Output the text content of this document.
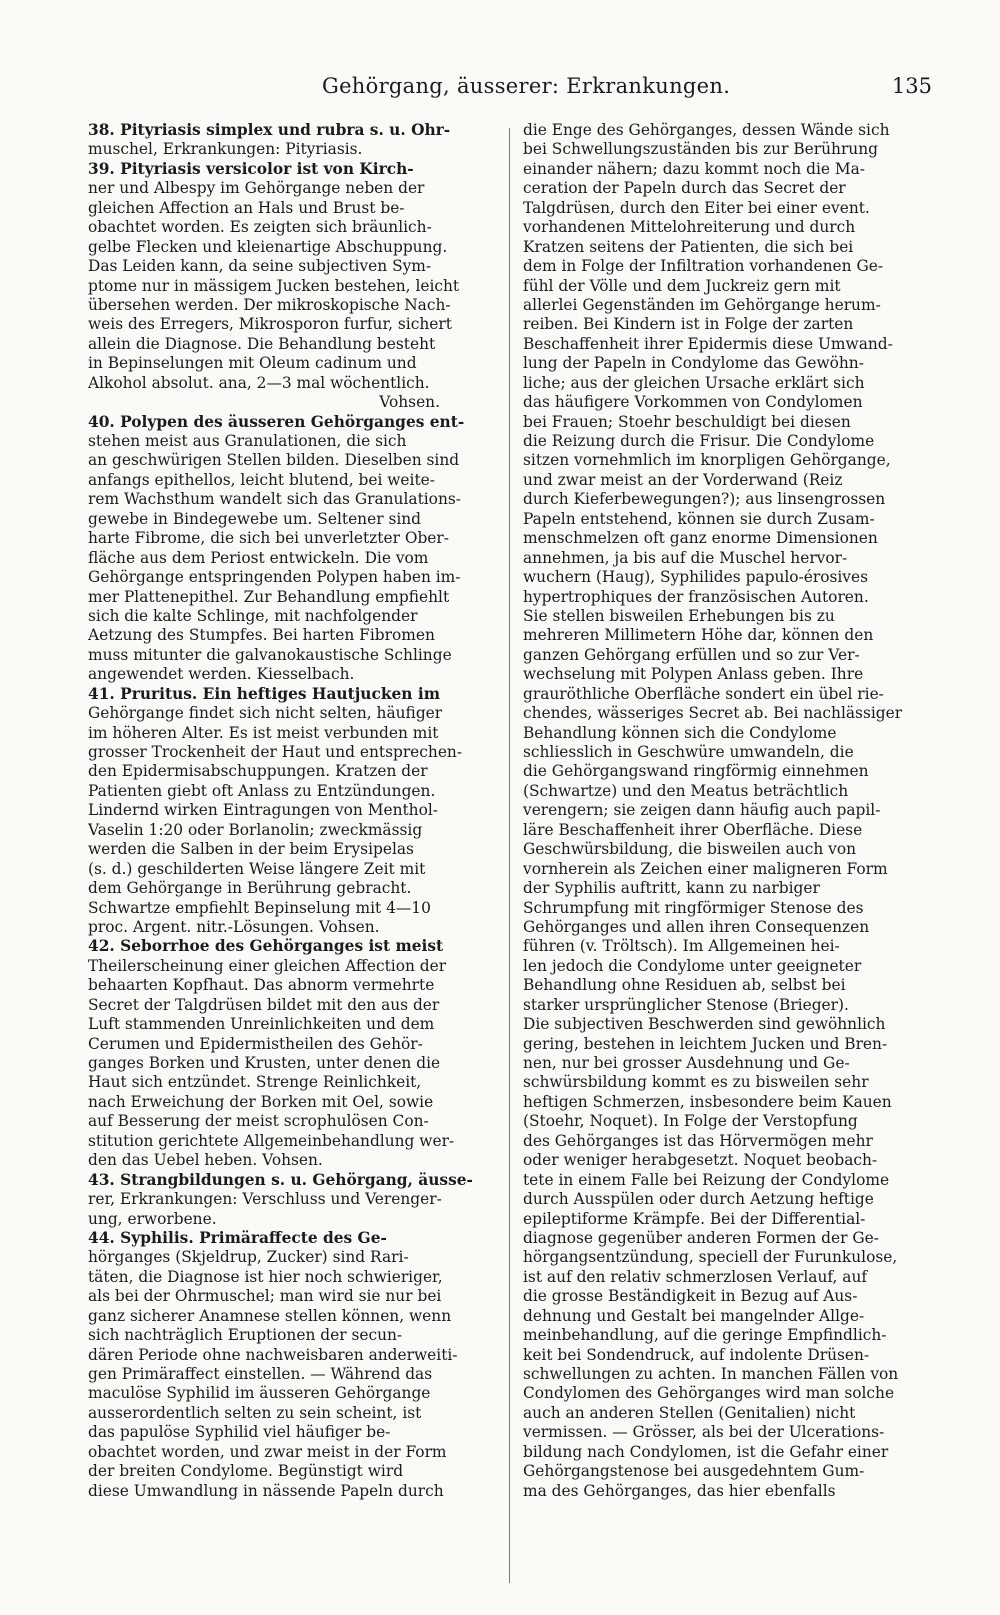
Gehörgang, äusserer: Erkrankungen.	135
38. Pityriasis simplex und rubra s. u. Ohr-
muschel, Erkrankungen: Pityriasis.
39. Pityriasis versicolor ist von Kirch-
ner und Albespy im Gehörgange neben der
gleichen Affection an Hals und Brust be-
obachtet worden. Es zeigten sich bräunlich-
gelbe Flecken und kleienartige Abschuppung.
Das Leiden kann, da seine subjectiven Sym-
ptome nur in mässigem Jucken bestehen, leicht
übersehen werden. Der mikroskopische Nach-
weis des Erregers, Mikrosporon furfur, sichert
allein die Diagnose. Die Behandlung besteht
in Bepinselungen mit Oleum cadinum und
Alkohol absolut. ana, 2—3 mal wöchentlich.
Vohsen.
40. Polypen des äusseren Gehörganges ent-
stehen meist aus Granulationen, die sich
an geschwürigen Stellen bilden. Dieselben sind
anfangs epithellos, leicht blutend, bei weite-
rem Wachsthum wandelt sich das Granulations-
gewebe in Bindegewebe um. Seltener sind
harte Fibrome, die sich bei unverletzter Ober-
fläche aus dem Periost entwickeln. Die vom
Gehörgange entspringenden Polypen haben im-
mer Plattenepithel. Zur Behandlung empfiehlt
sich die kalte Schlinge, mit nachfolgender
Aetzung des Stumpfes. Bei harten Fibromen
muss mitunter die galvanokaustische Schlinge
angewendet werden. Kiesselbach.
41. Pruritus. Ein heftiges Hautjucken im
Gehörgange findet sich nicht selten, häufiger
im höheren Alter. Es ist meist verbunden mit
grosser Trockenheit der Haut und entsprechen-
den Epidermisabschuppungen. Kratzen der
Patienten giebt oft Anlass zu Entzündungen.
Lindernd wirken Eintragungen von Menthol-
Vaselin 1:20 oder Borlanolin; zweckmässig
werden die Salben in der beim Erysipelas
(s. d.) geschilderten Weise längere Zeit mit
dem Gehörgange in Berührung gebracht.
Schwartze empfiehlt Bepinselung mit 4—10
proc. Argent. nitr.-Lösungen. Vohsen.
42. Seborrhoe des Gehörganges ist meist
Theilerscheinung einer gleichen Affection der
behaarten Kopfhaut. Das abnorm vermehrte
Secret der Talgdrüsen bildet mit den aus der
Luft stammenden Unreinlichkeiten und dem
Cerumen und Epidermistheilen des Gehör-
ganges Borken und Krusten, unter denen die
Haut sich entzündet. Strenge Reinlichkeit,
nach Erweichung der Borken mit Oel, sowie
auf Besserung der meist scrophulösen Con-
stitution gerichtete Allgemeinbehandlung wer-
den das Uebel heben. Vohsen.
43. Strangbildungen s. u. Gehörgang, äusse-
rer, Erkrankungen: Verschluss und Verenger-
ung, erworbene.
44. Syphilis. Primäraffecte des Ge-
hörganges (Skjeldrup, Zucker) sind Rari-
täten, die Diagnose ist hier noch schwieriger,
als bei der Ohrmuschel; man wird sie nur bei
ganz sicherer Anamnese stellen können, wenn
sich nachträglich Eruptionen der secun-
dären Periode ohne nachweisbaren anderweiti-
gen Primäraffect einstellen. — Während das
maculöse Syphilid im äusseren Gehörgange
ausserordentlich selten zu sein scheint, ist
das papulöse Syphilid viel häufiger be-
obachtet worden, und zwar meist in der Form
der breiten Condylome. Begünstigt wird
diese Umwandlung in nässende Papeln durch
die Enge des Gehörganges, dessen Wände sich
bei Schwellungszuständen bis zur Berührung
einander nähern; dazu kommt noch die Ma-
ceration der Papeln durch das Secret der
Talgdrüsen, durch den Eiter bei einer event.
vorhandenen Mittelohreiterung und durch
Kratzen seitens der Patienten, die sich bei
dem in Folge der Infiltration vorhandenen Ge-
fühl der Völle und dem Juckreiz gern mit
allerlei Gegenständen im Gehörgange herum-
reiben. Bei Kindern ist in Folge der zarten
Beschaffenheit ihrer Epidermis diese Umwand-
lung der Papeln in Condylome das Gewöhn-
liche; aus der gleichen Ursache erklärt sich
das häufigere Vorkommen von Condylomen
bei Frauen; Stoehr beschuldigt bei diesen
die Reizung durch die Frisur. Die Condylome
sitzen vornehmlich im knorpligen Gehörgange,
und zwar meist an der Vorderwand (Reiz
durch Kieferbewegungen?); aus linsengrossen
Papeln entstehend, können sie durch Zusam-
menschmelzen oft ganz enorme Dimensionen
annehmen, ja bis auf die Muschel hervor-
wuchern (Haug), Syphilides papulo-érosives
hypertrophiques der französischen Autoren.
Sie stellen bisweilen Erhebungen bis zu
mehreren Millimetern Höhe dar, können den
ganzen Gehörgang erfüllen und so zur Ver-
wechselung mit Polypen Anlass geben. Ihre
grauröthliche Oberfläche sondert ein übel rie-
chendes, wässeriges Secret ab. Bei nachlässiger
Behandlung können sich die Condylome
schliesslich in Geschwüre umwandeln, die
die Gehörgangswand ringförmig einnehmen
(Schwartze) und den Meatus beträchtlich
verengern; sie zeigen dann häufig auch papil-
läre Beschaffenheit ihrer Oberfläche. Diese
Geschwürsbildung, die bisweilen auch von
vornherein als Zeichen einer maligneren Form
der Syphilis auftritt, kann zu narbiger
Schrumpfung mit ringförmiger Stenose des
Gehörganges und allen ihren Consequenzen
führen (v. Tröltsch). Im Allgemeinen hei-
len jedoch die Condylome unter geeigneter
Behandlung ohne Residuen ab, selbst bei
starker ursprünglicher Stenose (Brieger).
Die subjectiven Beschwerden sind gewöhnlich
gering, bestehen in leichtem Jucken und Bren-
nen, nur bei grosser Ausdehnung und Ge-
schwürsbildung kommt es zu bisweilen sehr
heftigen Schmerzen, insbesondere beim Kauen
(Stoehr, Noquet). In Folge der Verstopfung
des Gehörganges ist das Hörvermögen mehr
oder weniger herabgesetzt. Noquet beobach-
tete in einem Falle bei Reizung der Condylome
durch Ausspülen oder durch Aetzung heftige
epileptiforme Krämpfe. Bei der Differential-
diagnose gegenüber anderen Formen der Ge-
hörgangsentzündung, speciell der Furunkulose,
ist auf den relativ schmerzlosen Verlauf, auf
die grosse Beständigkeit in Bezug auf Aus-
dehnung und Gestalt bei mangelnder Allge-
meinbehandlung, auf die geringe Empfindlich-
keit bei Sondendruck, auf indolente Drüsen-
schwellungen zu achten. In manchen Fällen von
Condylomen des Gehörganges wird man solche
auch an anderen Stellen (Genitalien) nicht
vermissen. — Grösser, als bei der Ulcerations-
bildung nach Condylomen, ist die Gefahr einer
Gehörgangstenose bei ausgedehntem Gum-
ma des Gehörganges, das hier ebenfalls
